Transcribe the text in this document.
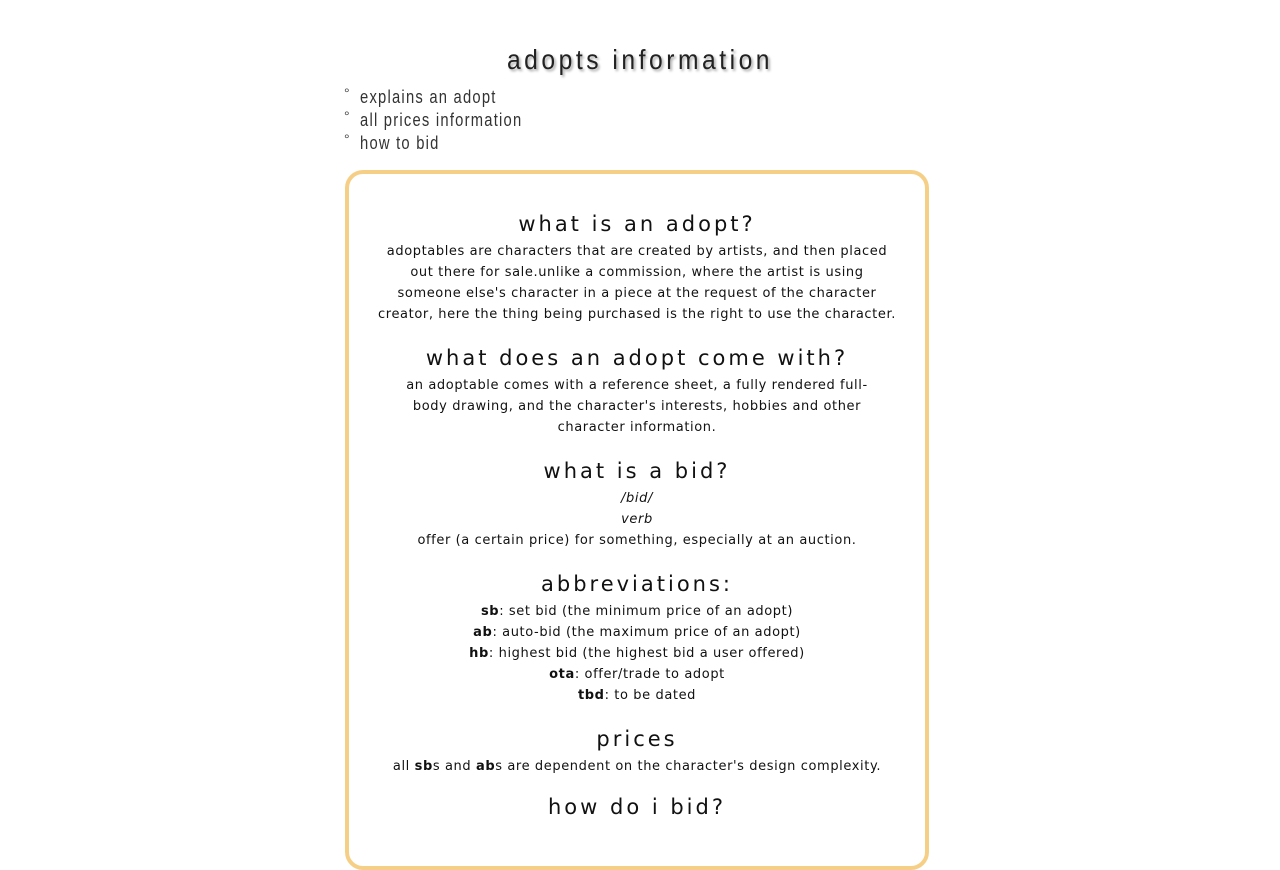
adopts information
° explains an adopt
° all prices information
° how to bid
what is an adopt?

adoptables are characters that are created by artists, and then placed out there for sale.unlike a commission, where the artist is using someone else's character in a piece at the request of the character creator, here the thing being purchased is the right to use the character.

what does an adopt come with?

an adoptable comes with a reference sheet, a fully rendered full-body drawing, and the character's interests, hobbies and other character information.

what is a bid?

/bid/

verb

offer (a certain price) for something, especially at an auction.

abbreviations:

sb: set bid (the minimum price of an adopt)

ab: auto-bid (the maximum price of an adopt)

hb: highest bid (the highest bid a user offered)

ota: offer/trade to adopt

tbd: to be dated

prices

all sbs and abs are dependent on the character's design complexity.

how do i bid?
